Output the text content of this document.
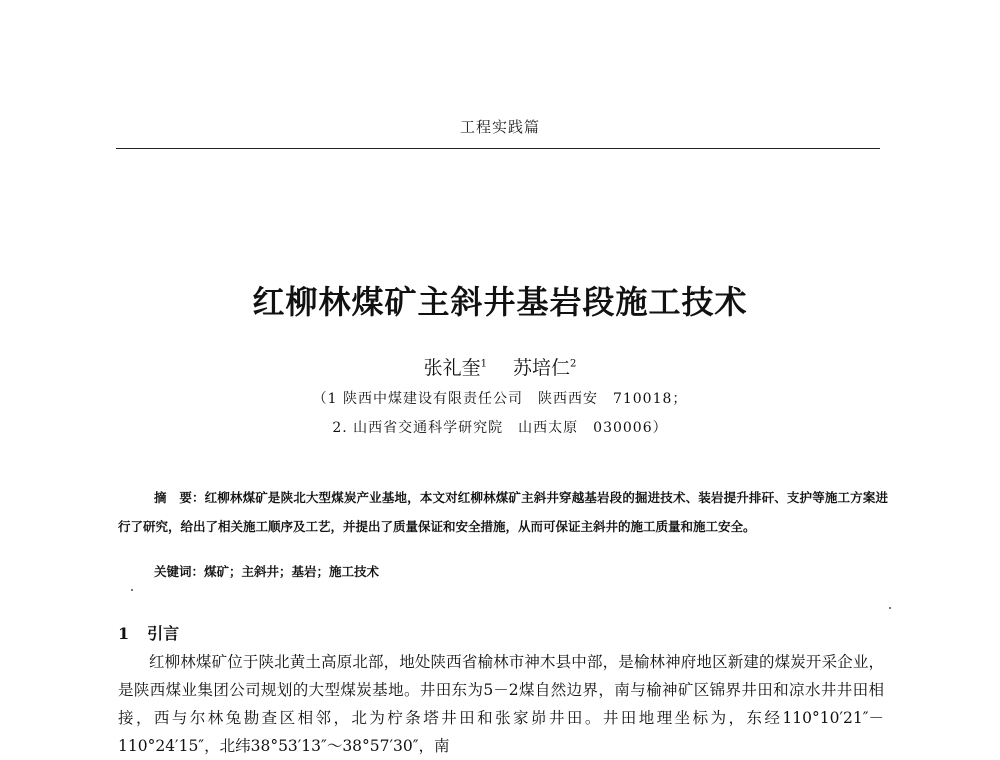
工程实践篇
红柳林煤矿主斜井基岩段施工技术
张礼奎$^1$ 苏培仁$^2$
（1 陕西中煤建设有限责任公司　陕西西安　710018；
2. 山西省交通科学研究院　山西太原　030006）
摘　要：红柳林煤矿是陕北大型煤炭产业基地，本文对红柳林煤矿主斜井穿越基岩段的掘进技术、装岩提升排矸、支护等施工方案进行了研究，给出了相关施工顺序及工艺，并提出了质量保证和安全措施，从而可保证主斜井的施工质量和施工安全。
关键词：煤矿；主斜井；基岩；施工技术
1 引言

红柳林煤矿位于陕北黄土高原北部，地处陕西省榆林市神木县中部，是榆林神府地区新建的煤炭开采企业，是陕西煤业集团公司规划的大型煤炭基地。井田东为5－2煤自然边界，南与榆神矿区锦界井田和凉水井井田相接，西与尔林兔勘查区相邻，北为柠条塔井田和张家峁井田。井田地理坐标为，东经110°10′21″－110°24′15″，北纬38°53′13″～38°57′30″，南
